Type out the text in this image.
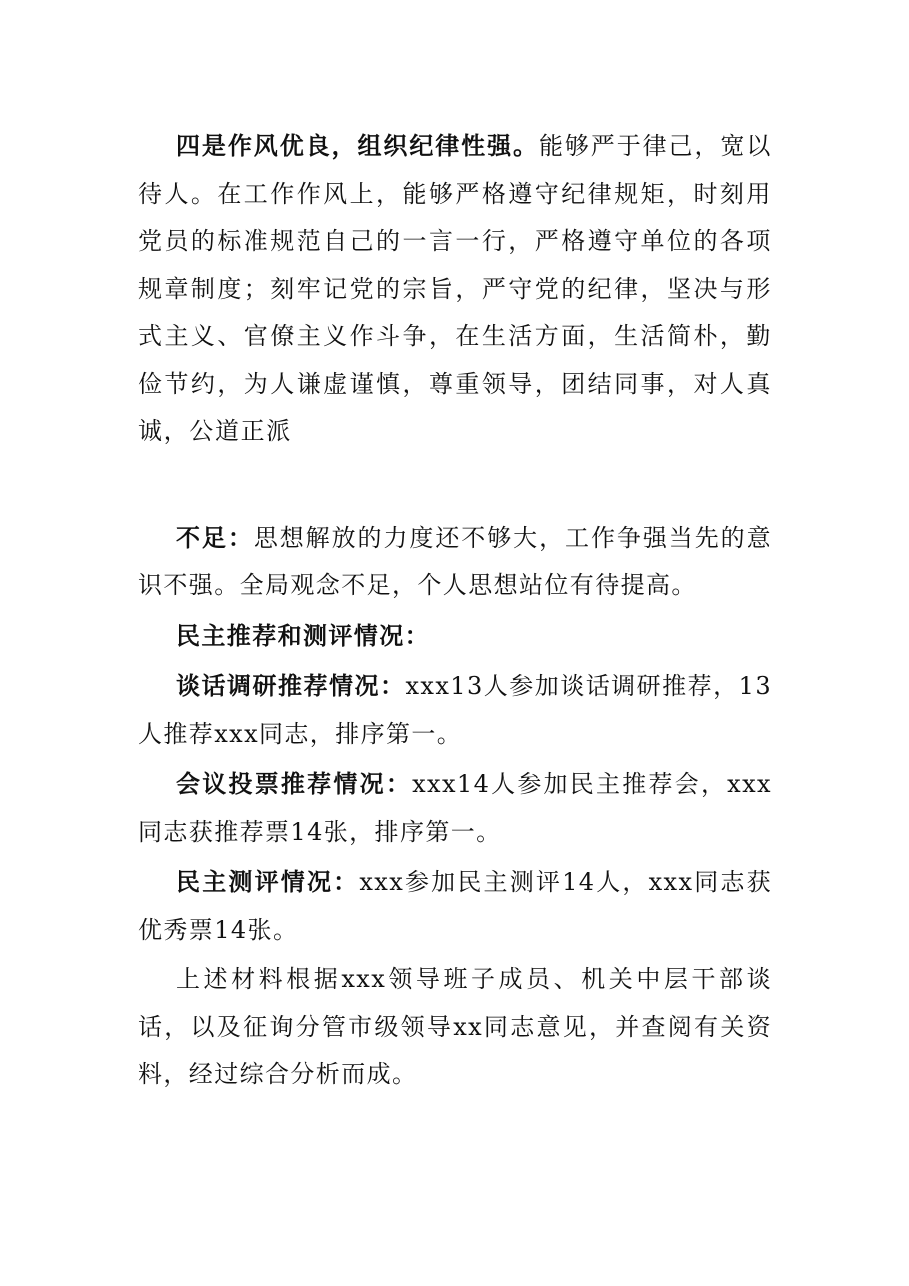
四是作风优良，组织纪律性强。能够严于律己，宽以待人。在工作作风上，能够严格遵守纪律规矩，时刻用党员的标准规范自己的一言一行，严格遵守单位的各项规章制度；刻牢记党的宗旨，严守党的纪律，坚决与形式主义、官僚主义作斗争，在生活方面，生活简朴，勤俭节约，为人谦虚谨慎，尊重领导，团结同事，对人真诚，公道正派

不足：思想解放的力度还不够大，工作争强当先的意识不强。全局观念不足，个人思想站位有待提高。

民主推荐和测评情况：

谈话调研推荐情况：xxx13人参加谈话调研推荐，13人推荐xxx同志，排序第一。

会议投票推荐情况：xxx14人参加民主推荐会，xxx同志获推荐票14张，排序第一。

民主测评情况：xxx参加民主测评14人，xxx同志获优秀票14张。

上述材料根据xxx领导班子成员、机关中层干部谈话，以及征询分管市级领导xx同志意见，并查阅有关资料，经过综合分析而成。
